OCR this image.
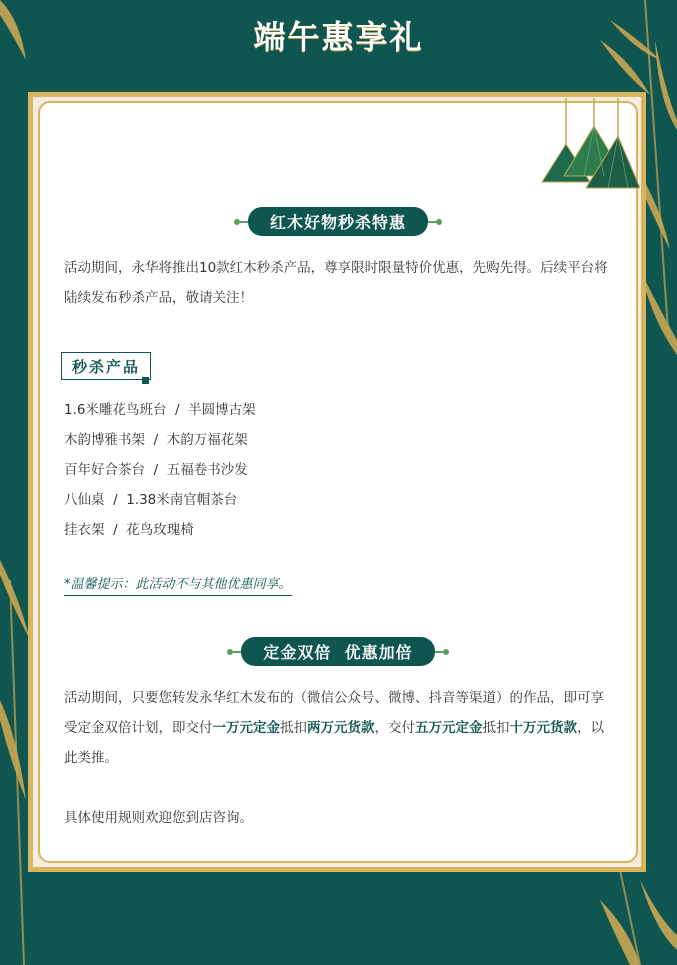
端午惠享礼
红木好物秒杀特惠
活动期间，永华将推出10款红木秒杀产品，尊享限时限量特价优惠，先购先得。后续平台将陆续发布秒杀产品，敬请关注！
秒杀产品
1.6米雕花鸟班台  /  半圆博古架
木韵博雅书架  /  木韵万福花架
百年好合茶台  /  五福卷书沙发
八仙桌  /  1.38米南官帽茶台
挂衣架  /  花鸟玫瑰椅
*温馨提示：此活动不与其他优惠同享。
定金双倍  优惠加倍
活动期间，只要您转发永华红木发布的（微信公众号、微博、抖音等渠道）的作品，即可享受定金双倍计划，即交付一万元定金抵扣两万元货款，交付五万元定金抵扣十万元货款，以此类推。
具体使用规则欢迎您到店咨询。
